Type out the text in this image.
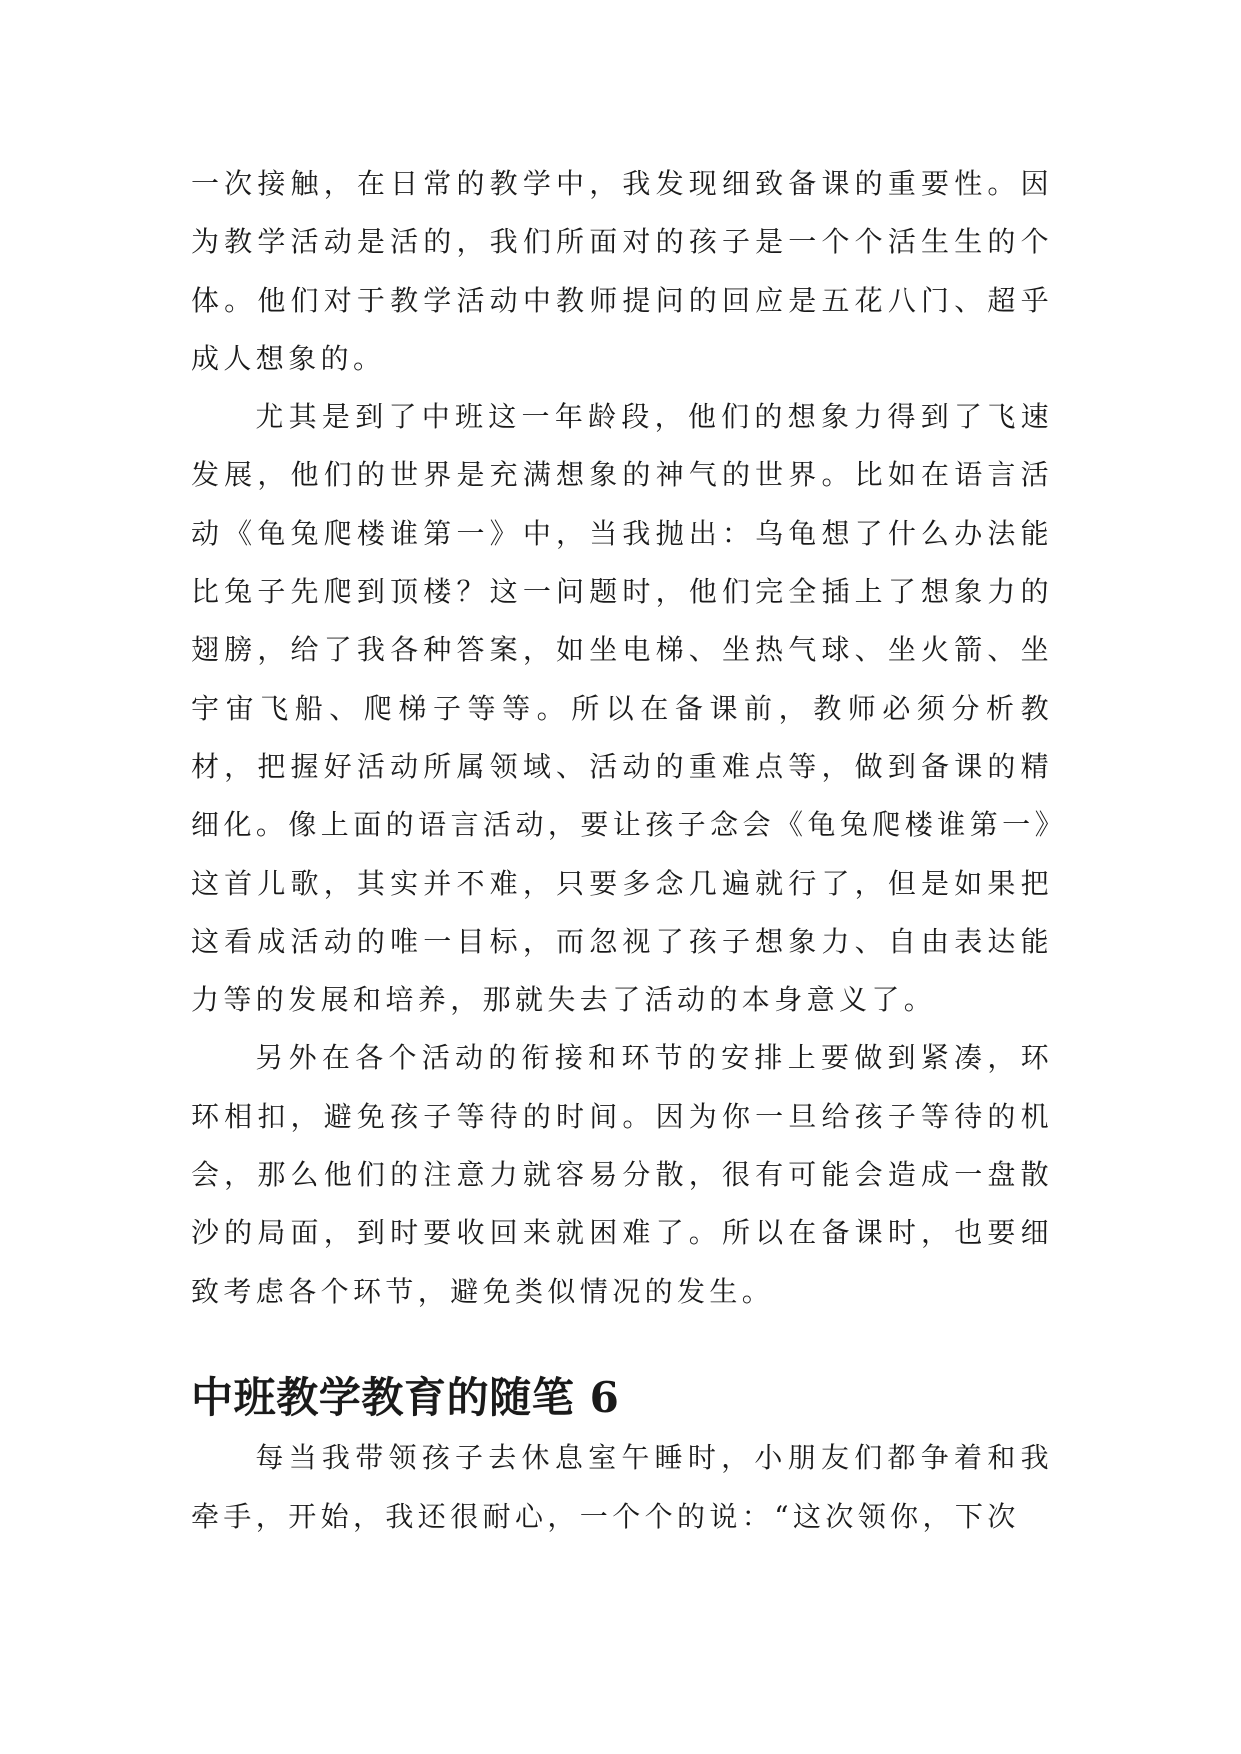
一次接触，在日常的教学中，我发现细致备课的重要性。因为教学活动是活的，我们所面对的孩子是一个个活生生的个体。他们对于教学活动中教师提问的回应是五花八门、超乎成人想象的。

尤其是到了中班这一年龄段，他们的想象力得到了飞速发展，他们的世界是充满想象的神气的世界。比如在语言活动《龟兔爬楼谁第一》中，当我抛出：乌龟想了什么办法能比兔子先爬到顶楼？这一问题时，他们完全插上了想象力的翅膀，给了我各种答案，如坐电梯、坐热气球、坐火箭、坐宇宙飞船、爬梯子等等。所以在备课前，教师必须分析教材，把握好活动所属领域、活动的重难点等，做到备课的精细化。像上面的语言活动，要让孩子念会《龟兔爬楼谁第一》这首儿歌，其实并不难，只要多念几遍就行了，但是如果把这看成活动的唯一目标，而忽视了孩子想象力、自由表达能力等的发展和培养，那就失去了活动的本身意义了。

另外在各个活动的衔接和环节的安排上要做到紧凑，环环相扣，避免孩子等待的时间。因为你一旦给孩子等待的机会，那么他们的注意力就容易分散，很有可能会造成一盘散沙的局面，到时要收回来就困难了。所以在备课时，也要细致考虑各个环节，避免类似情况的发生。

中班教学教育的随笔 6

每当我带领孩子去休息室午睡时，小朋友们都争着和我牵手，开始，我还很耐心，一个个的说：“这次领你，下次
